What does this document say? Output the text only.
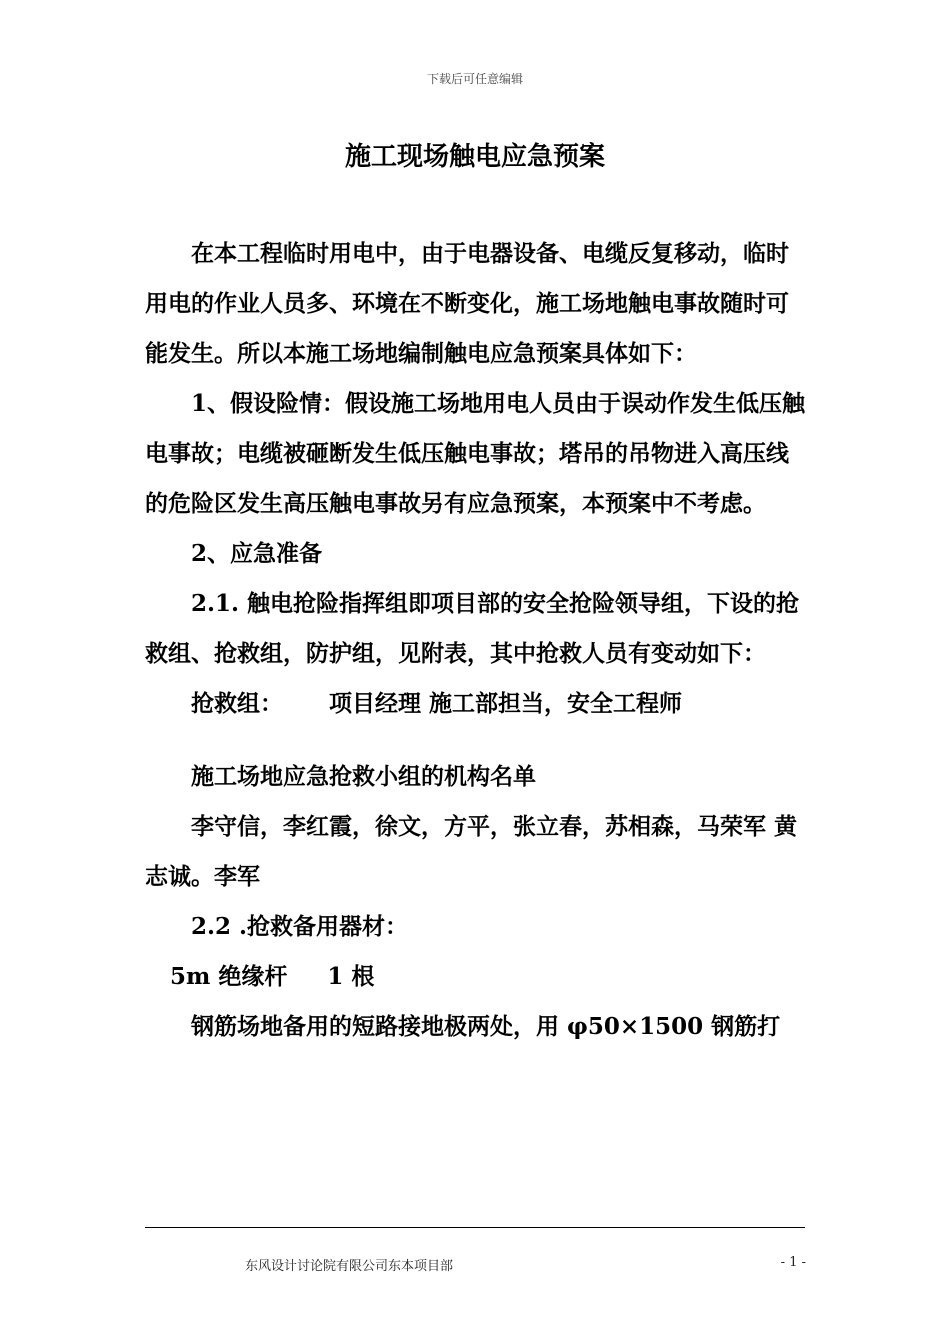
下载后可任意编辑
施工现场触电应急预案

在本工程临时用电中，由于电器设备、电缆反复移动，临时用电的作业人员多、环境在不断变化，施工场地触电事故随时可能发生。所以本施工场地编制触电应急预案具体如下：

1、假设险情：假设施工场地用电人员由于误动作发生低压触电事故；电缆被砸断发生低压触电事故；塔吊的吊物进入高压线的危险区发生高压触电事故另有应急预案，本预案中不考虑。

2、应急准备

2.1. 触电抢险指挥组即项目部的安全抢险领导组，下设的抢救组、抢救组，防护组，见附表，其中抢救人员有变动如下：

抢救组： 项目经理 施工部担当，安全工程师

施工场地应急抢救小组的机构名单

李守信，李红霞，徐文，方平，张立春，苏相森，马荣军 黄志诚。李军

2.2 .抢救备用器材：

5m 绝缘杆 1 根

钢筋场地备用的短路接地极两处，用 φ50×1500 钢筋打

东风设计讨论院有限公司东本项目部	- 1 -
